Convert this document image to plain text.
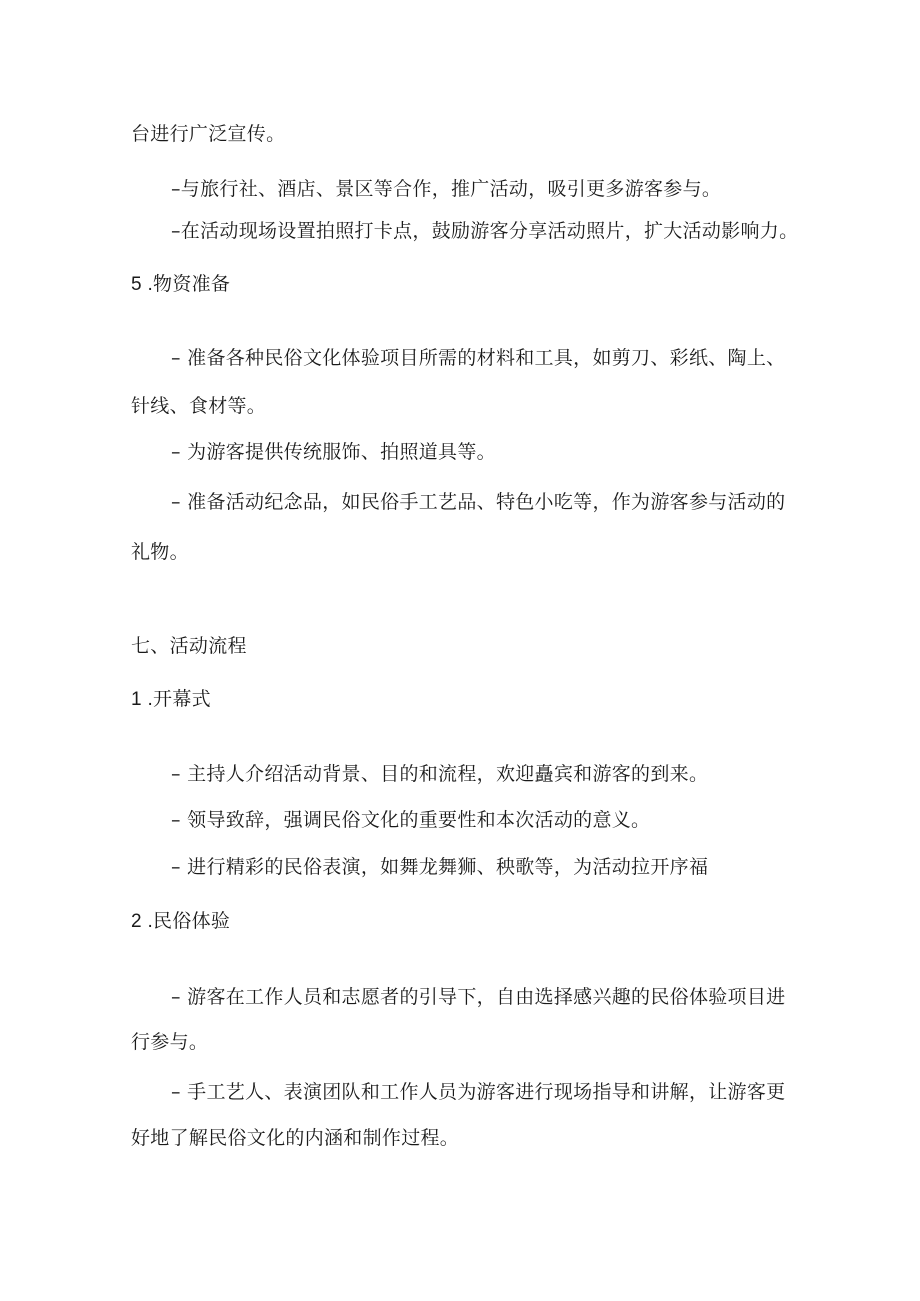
台进行广泛宣传。
–与旅行社、酒店、景区等合作，推广活动，吸引更多游客参与。
–在活动现场设置拍照打卡点，鼓励游客分享活动照片，扩大活动影响力。
5 .物资准备
– 准备各种民俗文化体验项目所需的材料和工具，如剪刀、彩纸、陶上、
针线、食材等。
– 为游客提供传统服饰、拍照道具等。
– 准备活动纪念品，如民俗手工艺品、特色小吃等，作为游客参与活动的
礼物。
七、活动流程
1 .开幕式
– 主持人介绍活动背景、目的和流程，欢迎矗宾和游客的到来。
– 领导致辞，强调民俗文化的重要性和本次活动的意义。
– 进行精彩的民俗表演，如舞龙舞狮、秧歌等，为活动拉开序福
2 .民俗体验
– 游客在工作人员和志愿者的引导下，自由选择感兴趣的民俗体验项目进
行参与。
– 手工艺人、表演团队和工作人员为游客进行现场指导和讲解，让游客更
好地了解民俗文化的内涵和制作过程。
